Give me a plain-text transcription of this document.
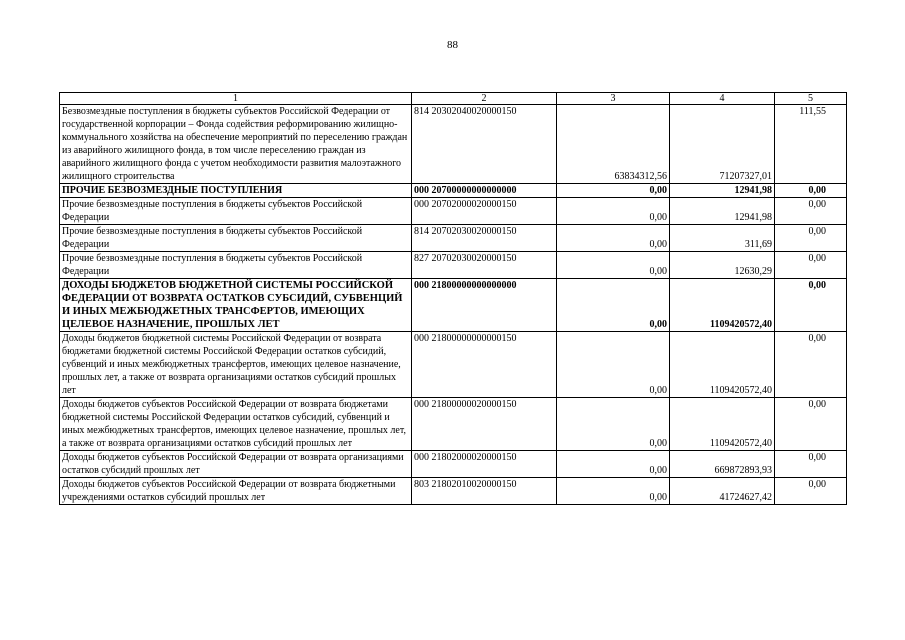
88
1	2	3	4	5
Безвозмездные поступления в бюджеты субъектов Российской Федерации от государственной корпорации – Фонда содействия реформированию жилищно-коммунального хозяйства на обеспечение мероприятий по переселению граждан из аварийного жилищного фонда, в том числе переселению граждан из аварийного жилищного фонда с учетом необходимости развития малоэтажного жилищного строительства	814 20302040020000150	63834312,56	71207327,01	111,55
ПРОЧИЕ БЕЗВОЗМЕЗДНЫЕ ПОСТУПЛЕНИЯ	000 20700000000000000	0,00	12941,98	0,00
Прочие безвозмездные поступления в бюджеты субъектов Российской Федерации	000 20702000020000150	0,00	12941,98	0,00
Прочие безвозмездные поступления в бюджеты субъектов Российской Федерации	814 20702030020000150	0,00	311,69	0,00
Прочие безвозмездные поступления в бюджеты субъектов Российской Федерации	827 20702030020000150	0,00	12630,29	0,00
ДОХОДЫ БЮДЖЕТОВ БЮДЖЕТНОЙ СИСТЕМЫ РОССИЙСКОЙ ФЕДЕРАЦИИ ОТ ВОЗВРАТА ОСТАТКОВ СУБСИДИЙ, СУБВЕНЦИЙ И ИНЫХ МЕЖБЮДЖЕТНЫХ ТРАНСФЕРТОВ, ИМЕЮЩИХ ЦЕЛЕВОЕ НАЗНАЧЕНИЕ, ПРОШЛЫХ ЛЕТ	000 21800000000000000	0,00	1109420572,40	0,00
Доходы бюджетов бюджетной системы Российской Федерации от возврата бюджетами бюджетной системы Российской Федерации остатков субсидий, субвенций и иных межбюджетных трансфертов, имеющих целевое назначение, прошлых лет, а также от возврата организациями остатков субсидий прошлых лет	000 21800000000000150	0,00	1109420572,40	0,00
Доходы бюджетов субъектов Российской Федерации от возврата бюджетами бюджетной системы Российской Федерации остатков субсидий, субвенций и иных межбюджетных трансфертов, имеющих целевое назначение, прошлых лет, а также от возврата организациями остатков субсидий прошлых лет	000 21800000020000150	0,00	1109420572,40	0,00
Доходы бюджетов субъектов Российской Федерации от возврата организациями остатков субсидий прошлых лет	000 21802000020000150	0,00	669872893,93	0,00
Доходы бюджетов субъектов Российской Федерации от возврата бюджетными учреждениями остатков субсидий прошлых лет	803 21802010020000150	0,00	41724627,42	0,00
